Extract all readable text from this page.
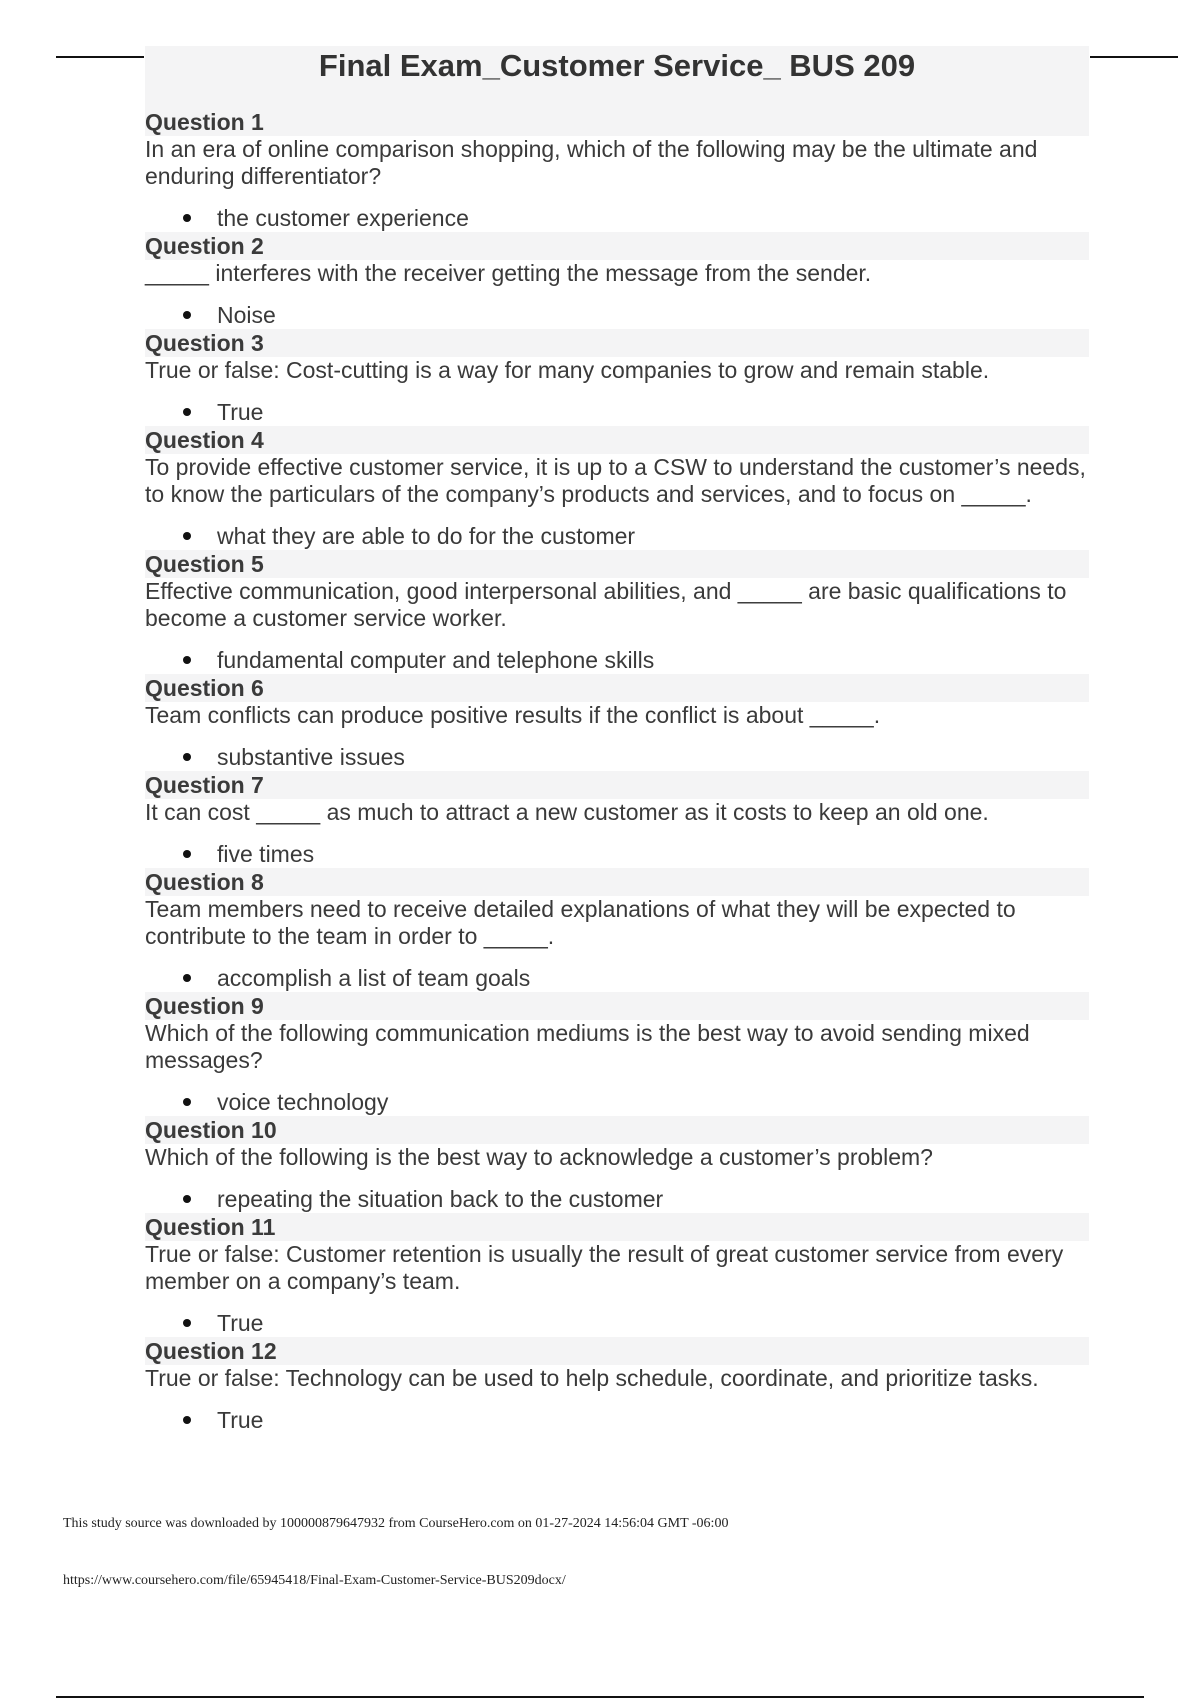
Final Exam_Customer Service_ BUS 209
Question 1

In an era of online comparison shopping, which of the following may be the ultimate and enduring differentiator?

the customer experience
Question 2

_____ interferes with the receiver getting the message from the sender.

Noise
Question 3

True or false: Cost-cutting is a way for many companies to grow and remain stable.

True
Question 4

To provide effective customer service, it is up to a CSW to understand the customer’s needs, to know the particulars of the company’s products and services, and to focus on _____.

what they are able to do for the customer
Question 5

Effective communication, good interpersonal abilities, and _____ are basic qualifications to become a customer service worker.

fundamental computer and telephone skills
Question 6

Team conflicts can produce positive results if the conflict is about _____.

substantive issues
Question 7

It can cost _____ as much to attract a new customer as it costs to keep an old one.

five times
Question 8

Team members need to receive detailed explanations of what they will be expected to contribute to the team in order to _____.

accomplish a list of team goals
Question 9

Which of the following communication mediums is the best way to avoid sending mixed messages?

voice technology
Question 10

Which of the following is the best way to acknowledge a customer’s problem?

repeating the situation back to the customer
Question 11

True or false: Customer retention is usually the result of great customer service from every member on a company’s team.

True
Question 12

True or false: Technology can be used to help schedule, coordinate, and prioritize tasks.

True

This study source was downloaded by 100000879647932 from CourseHero.com on 01-27-2024 14:56:04 GMT -06:00

https://www.coursehero.com/file/65945418/Final-Exam-Customer-Service-BUS209docx/
